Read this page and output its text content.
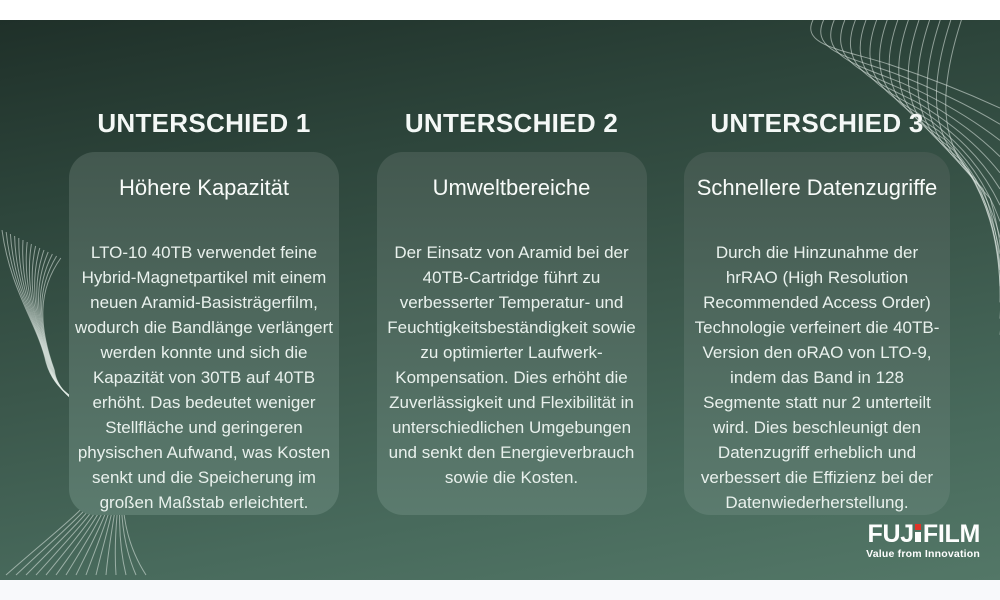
UNTERSCHIED 1
Höhere Kapazität

LTO-10 40TB verwendet feine Hybrid-Magnetpartikel mit einem neuen Aramid-Basisträgerfilm, wodurch die Bandlänge verlängert werden konnte und sich die Kapazität von 30TB auf 40TB erhöht. Das bedeutet weniger Stellfläche und geringeren physischen Aufwand, was Kosten senkt und die Speicherung im großen Maßstab erleichtert.

UNTERSCHIED 2
Umweltbereiche

Der Einsatz von Aramid bei der 40TB-Cartridge führt zu verbesserter Temperatur- und Feuchtigkeitsbeständigkeit sowie zu optimierter Laufwerk-Kompensation. Dies erhöht die Zuverlässigkeit und Flexibilität in unterschiedlichen Umgebungen und senkt den Energieverbrauch sowie die Kosten.

UNTERSCHIED 3
Schnellere Datenzugriffe

Durch die Hinzunahme der hrRAO (High Resolution Recommended Access Order) Technologie verfeinert die 40TB-Version den oRAO von LTO-9, indem das Band in 128 Segmente statt nur 2 unterteilt wird. Dies beschleunigt den Datenzugriff erheblich und verbessert die Effizienz bei der Datenwiederherstellung.

FUJ FILM
Value from Innovation
